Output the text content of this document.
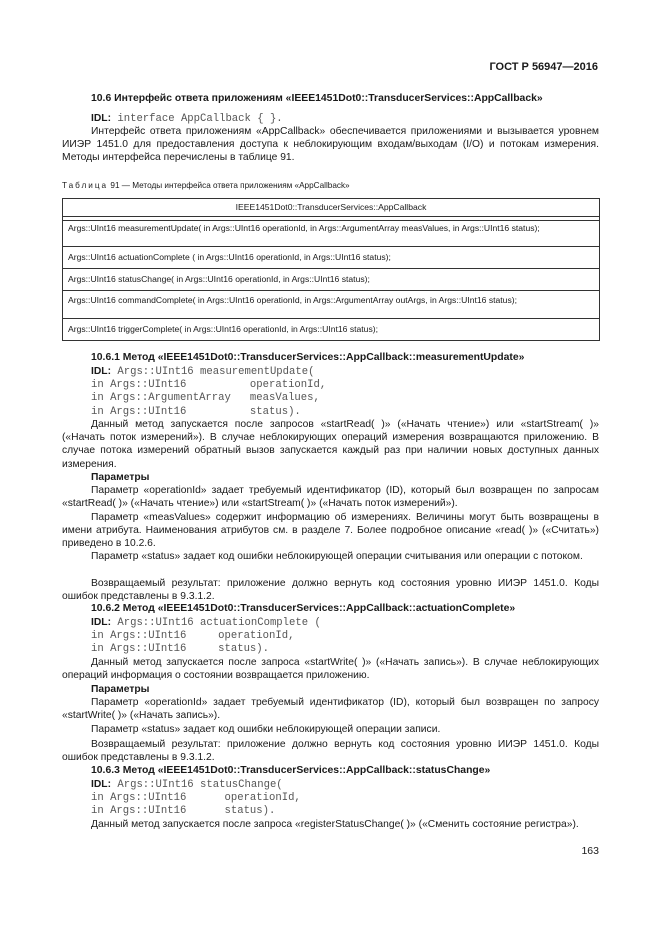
ГОСТ Р 56947—2016
10.6 Интерфейс ответа приложениям «IEEE1451Dot0::TransducerServices::AppCallback»
IDL: interface AppCallback { }.
Интерфейс ответа приложениям «AppCallback» обеспечивается приложениями и вызывается уровнем ИИЭР 1451.0 для предоставления доступа к неблокирующим входам/выходам (I/O) и потокам измерения. Методы интерфейса перечислены в таблице 91.
Таблица 91 — Методы интерфейса ответа приложениям «AppCallback»
IEEE1451Dot0::TransducerServices::AppCallback

Args::UInt16 measurementUpdate( in Args::UInt16 operationId, in Args::ArgumentArray measValues, in Args::UInt16 status);
Args::UInt16 actuationComplete ( in Args::UInt16 operationId, in Args::UInt16 status);
Args::UInt16 statusChange( in Args::UInt16 operationId, in Args::UInt16 status);
Args::UInt16 commandComplete( in Args::UInt16 operationId, in Args::ArgumentArray outArgs, in Args::UInt16 status);
Args::UInt16 triggerComplete( in Args::UInt16 operationId, in Args::UInt16 status);
10.6.1 Метод «IEEE1451Dot0::TransducerServices::AppCallback::measurementUpdate»
IDL: Args::UInt16 measurementUpdate(
in Args::UInt16          operationId,
in Args::ArgumentArray   measValues,
in Args::UInt16          status).
Данный метод запускается после запросов «startRead( )» («Начать чтение») или «startStream( )» («Начать поток измерений»). В случае неблокирующих операций измерения возвращаются приложению. В случае потока измерений обратный вызов запускается каждый раз при наличии новых доступных данных измерения.
Параметры
Параметр «operationId» задает требуемый идентификатор (ID), который был возвращен по запросам «startRead( )» («Начать чтение») или «startStream( )» («Начать поток измерений»).
Параметр «measValues» содержит информацию об измерениях. Величины могут быть возвращены в имени атрибута. Наименования атрибутов см. в разделе 7. Более подробное описание «read( )» («Считать») приведено в 10.2.6.
Параметр «status» задает код ошибки неблокирующей операции считывания или операции с потоком.
Возвращаемый результат: приложение должно вернуть код состояния уровню ИИЭР 1451.0. Коды ошибок представлены в 9.3.1.2.
10.6.2 Метод «IEEE1451Dot0::TransducerServices::AppCallback::actuationComplete»
IDL: Args::UInt16 actuationComplete (
in Args::UInt16     operationId,
in Args::UInt16     status).
Данный метод запускается после запроса «startWrite( )» («Начать запись»). В случае неблокирующих операций информация о состоянии возвращается приложению.
Параметры
Параметр «operationId» задает требуемый идентификатор (ID), который был возвращен по запросу «startWrite( )» («Начать запись»).
Параметр «status» задает код ошибки неблокирующей операции записи.
Возвращаемый результат: приложение должно вернуть код состояния уровню ИИЭР 1451.0. Коды ошибок представлены в 9.3.1.2.
10.6.3 Метод «IEEE1451Dot0::TransducerServices::AppCallback::statusChange»
IDL: Args::UInt16 statusChange(
in Args::UInt16      operationId,
in Args::UInt16      status).
Данный метод запускается после запроса «registerStatusChange( )» («Сменить состояние регистра»).
163
